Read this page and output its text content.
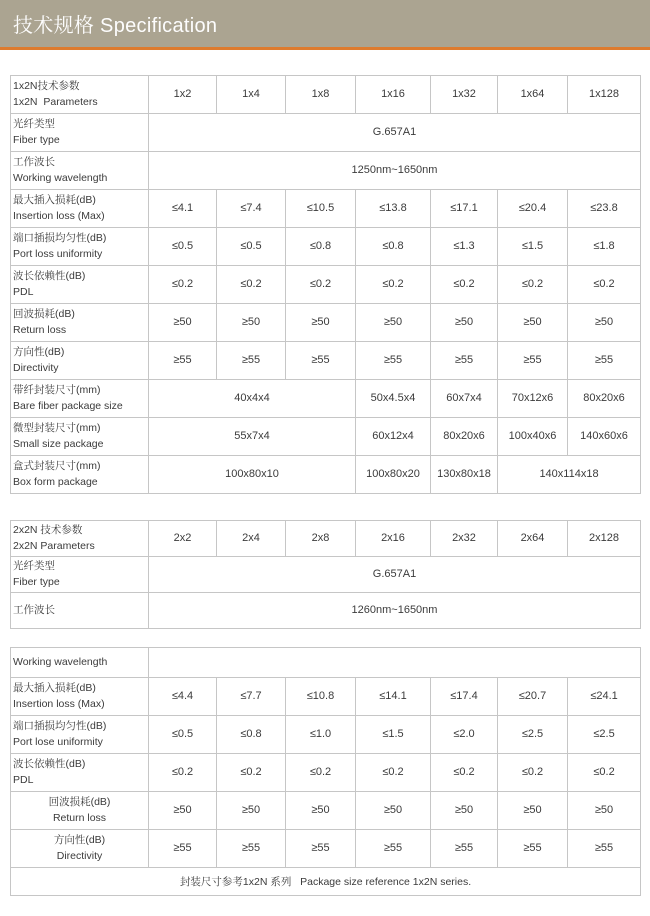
技术规格 Specification
1x2N技术参数
1x2N  Parameters	1x2	1x4	1x8	1x16	1x32	1x64	1x128

光纤类型
Fiber type	G.657A1						

工作波长
Working wavelength	1250nm~1650nm						

最大插入损耗(dB)
Insertion loss (Max)	≤4.1	≤7.4	≤10.5	≤13.8	≤17.1	≤20.4	≤23.8

端口插损均匀性(dB)
Port loss uniformity	≤0.5	≤0.5	≤0.8	≤0.8	≤1.3	≤1.5	≤1.8

波长依赖性(dB)
PDL	≤0.2	≤0.2	≤0.2	≤0.2	≤0.2	≤0.2	≤0.2

回波损耗(dB)
Return loss	≥50	≥50	≥50	≥50	≥50	≥50	≥50

方向性(dB)
Directivity	≥55	≥55	≥55	≥55	≥55	≥55	≥55

带纤封装尺寸(mm)
Bare fiber package size	40x4x4			50x4.5x4	60x7x4	70x12x6	80x20x6

微型封装尺寸(mm)
Small size package	55x7x4			60x12x4	80x20x6	100x40x6	140x60x6

盒式封装尺寸(mm)
Box form package	100x80x10			100x80x20	130x80x18	140x114x18	
2x2N 技术参数
2x2N Parameters	2x2	2x4	2x8	2x16	2x32	2x64	2x128

光纤类型
Fiber type	G.657A1						

工作波长	1260nm~1650nm						
Working wavelength							

最大插入损耗(dB)
Insertion loss (Max)	≤4.4	≤7.7	≤10.8	≤14.1	≤17.4	≤20.7	≤24.1

端口插损均匀性(dB)
Port lose uniformity	≤0.5	≤0.8	≤1.0	≤1.5	≤2.0	≤2.5	≤2.5

波长依赖性(dB)
PDL	≤0.2	≤0.2	≤0.2	≤0.2	≤0.2	≤0.2	≤0.2

回波损耗(dB)
Return loss	≥50	≥50	≥50	≥50	≥50	≥50	≥50

方向性(dB)
Directivity	≥55	≥55	≥55	≥55	≥55	≥55	≥55

封装尺寸参考1x2N 系列   Package size reference 1x2N series.							
